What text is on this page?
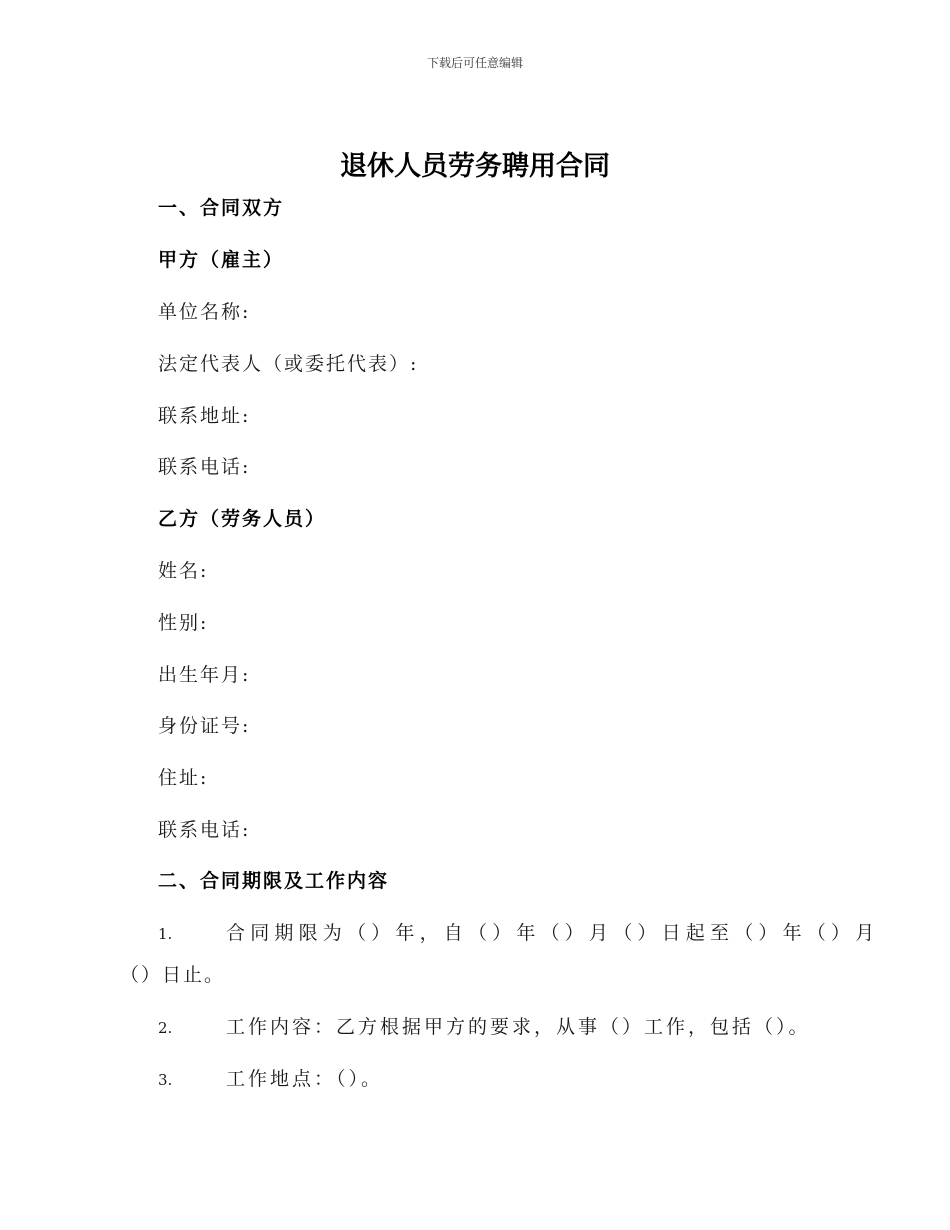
下载后可任意编辑
退休人员劳务聘用合同

一、合同双方

甲方（雇主）

单位名称:

法定代表人（或委托代表）:

联系地址:

联系电话:

乙方（劳务人员）

姓名:

性别:

出生年月:

身份证号:

住址:

联系电话:

二、合同期限及工作内容

1.	合同期限为（）年，自（）年（）月（）日起至（）年（）月

（）日止。

2.	工作内容：乙方根据甲方的要求，从事（）工作，包括（）。

3.	工作地点：（）。
